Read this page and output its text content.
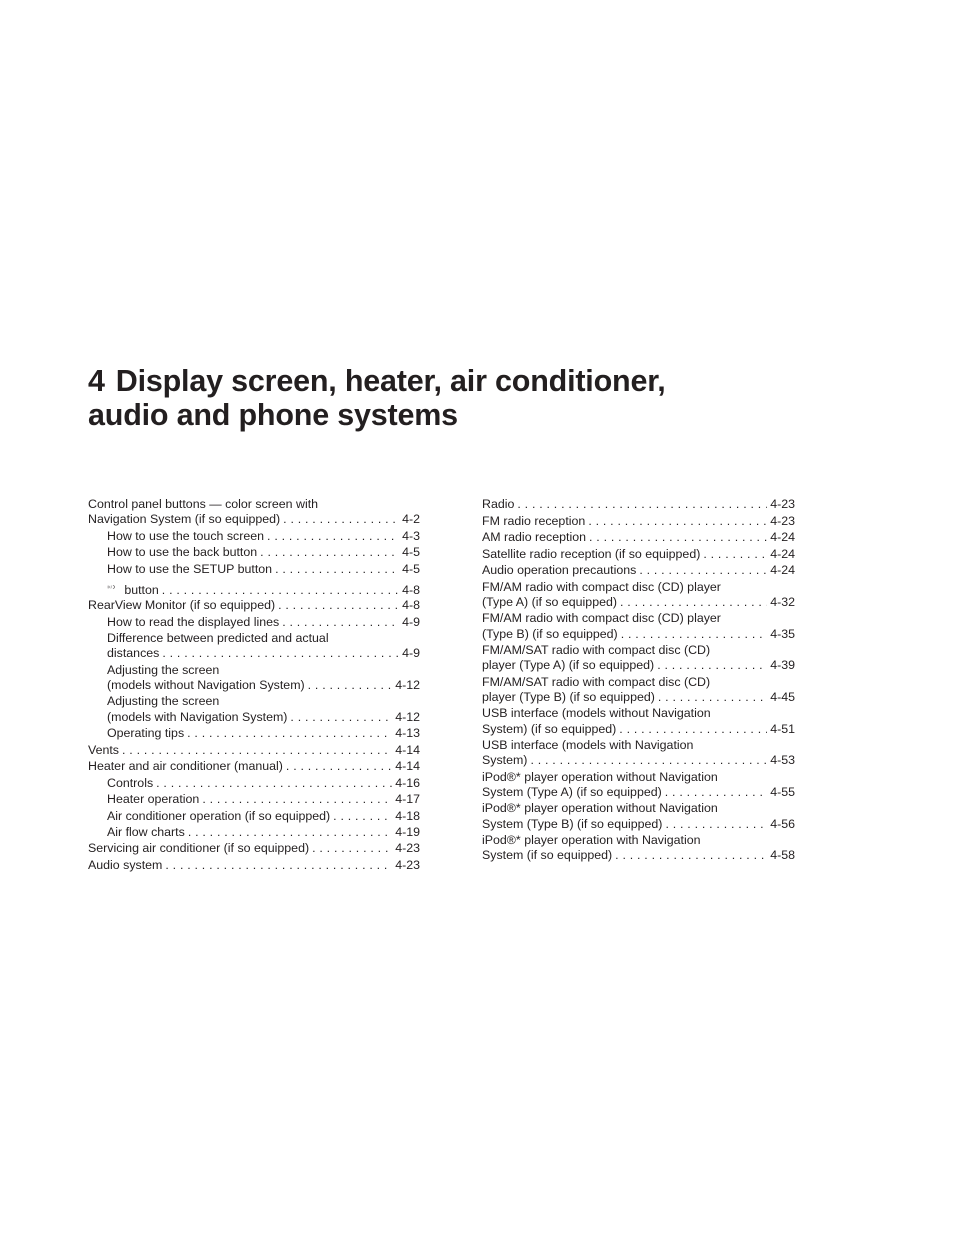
4 Display screen, heater, air conditioner,
audio and phone systems
Control panel buttons — color screen with
Navigation System (if so equipped) . . .	4-2
How to use the touch screen . . .	4-3
How to use the back button . . .	4-5
How to use the SETUP button . . .	4-5
button . . .	4-8
RearView Monitor (if so equipped) . . .	4-8
How to read the displayed lines . . .	4-9
Difference between predicted and actual
distances . . .	4-9
Adjusting the screen
(models without Navigation System) . . .	4-12
Adjusting the screen
(models with Navigation System) . . .	4-12
Operating tips . . .	4-13
Vents . . .	4-14
Heater and air conditioner (manual) . . .	4-14
Controls . . .	4-16
Heater operation . . .	4-17
Air conditioner operation (if so equipped) . . .	4-18
Air flow charts . . .	4-19
Servicing air conditioner (if so equipped) . . .	4-23
Audio system . . .	4-23
Radio . . .	4-23
FM radio reception . . .	4-23
AM radio reception . . .	4-24
Satellite radio reception (if so equipped) . . .	4-24
Audio operation precautions . . .	4-24
FM/AM radio with compact disc (CD) player
(Type A) (if so equipped) . . .	4-32
FM/AM radio with compact disc (CD) player
(Type B) (if so equipped) . . .	4-35
FM/AM/SAT radio with compact disc (CD)
player (Type A) (if so equipped) . . .	4-39
FM/AM/SAT radio with compact disc (CD)
player (Type B) (if so equipped) . . .	4-45
USB interface (models without Navigation
System) (if so equipped) . . .	4-51
USB interface (models with Navigation
System) . . .	4-53
iPod®* player operation without Navigation
System (Type A) (if so equipped) . . .	4-55
iPod®* player operation without Navigation
System (Type B) (if so equipped) . . .	4-56
iPod®* player operation with Navigation
System (if so equipped) . . .	4-58
